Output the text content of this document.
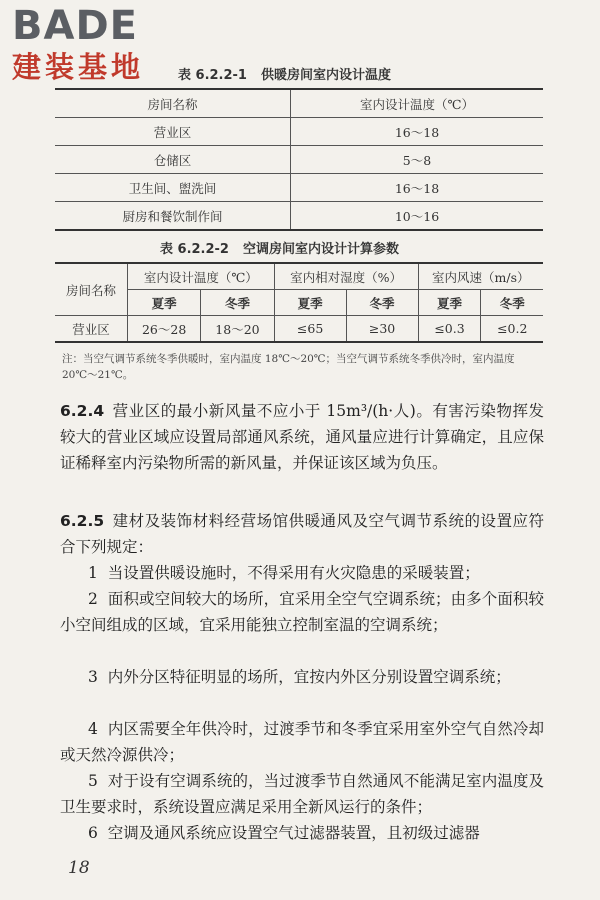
BADE
建装基地	表 6.2.2-1 供暖房间室内设计温度
房间名称	室内设计温度（℃）
营业区	16～18
仓储区	5～8
卫生间、盥洗间	16～18
厨房和餐饮制作间	10～16
表 6.2.2-2 空调房间室内设计计算参数
房间名称	室内设计温度（℃）		室内相对湿度（%）		室内风速（m/s）	
	夏季	冬季	夏季	冬季	夏季	冬季
营业区	26～28	18～20	≤65	≥30	≤0.3	≤0.2
注：当空气调节系统冬季供暖时，室内温度 18℃～20℃；当空气调节系统冬季供冷时，室内温度 20℃～21℃。
6.2.4 营业区的最小新风量不应小于 15m³/(h·人)。有害污染物挥发较大的营业区域应设置局部通风系统，通风量应进行计算确定，且应保证稀释室内污染物所需的新风量，并保证该区域为负压。
6.2.5 建材及装饰材料经营场馆供暖通风及空气调节系统的设置应符合下列规定：
1 当设置供暖设施时，不得采用有火灾隐患的采暖装置；
2 面积或空间较大的场所，宜采用全空气空调系统；由多个面积较小空间组成的区域，宜采用能独立控制室温的空调系统；
3 内外分区特征明显的场所，宜按内外区分别设置空调系统；
4 内区需要全年供冷时，过渡季节和冬季宜采用室外空气自然冷却或天然冷源供冷；
5 对于设有空调系统的，当过渡季节自然通风不能满足室内温度及卫生要求时，系统设置应满足采用全新风运行的条件；
6 空调及通风系统应设置空气过滤器装置，且初级过滤器
18
